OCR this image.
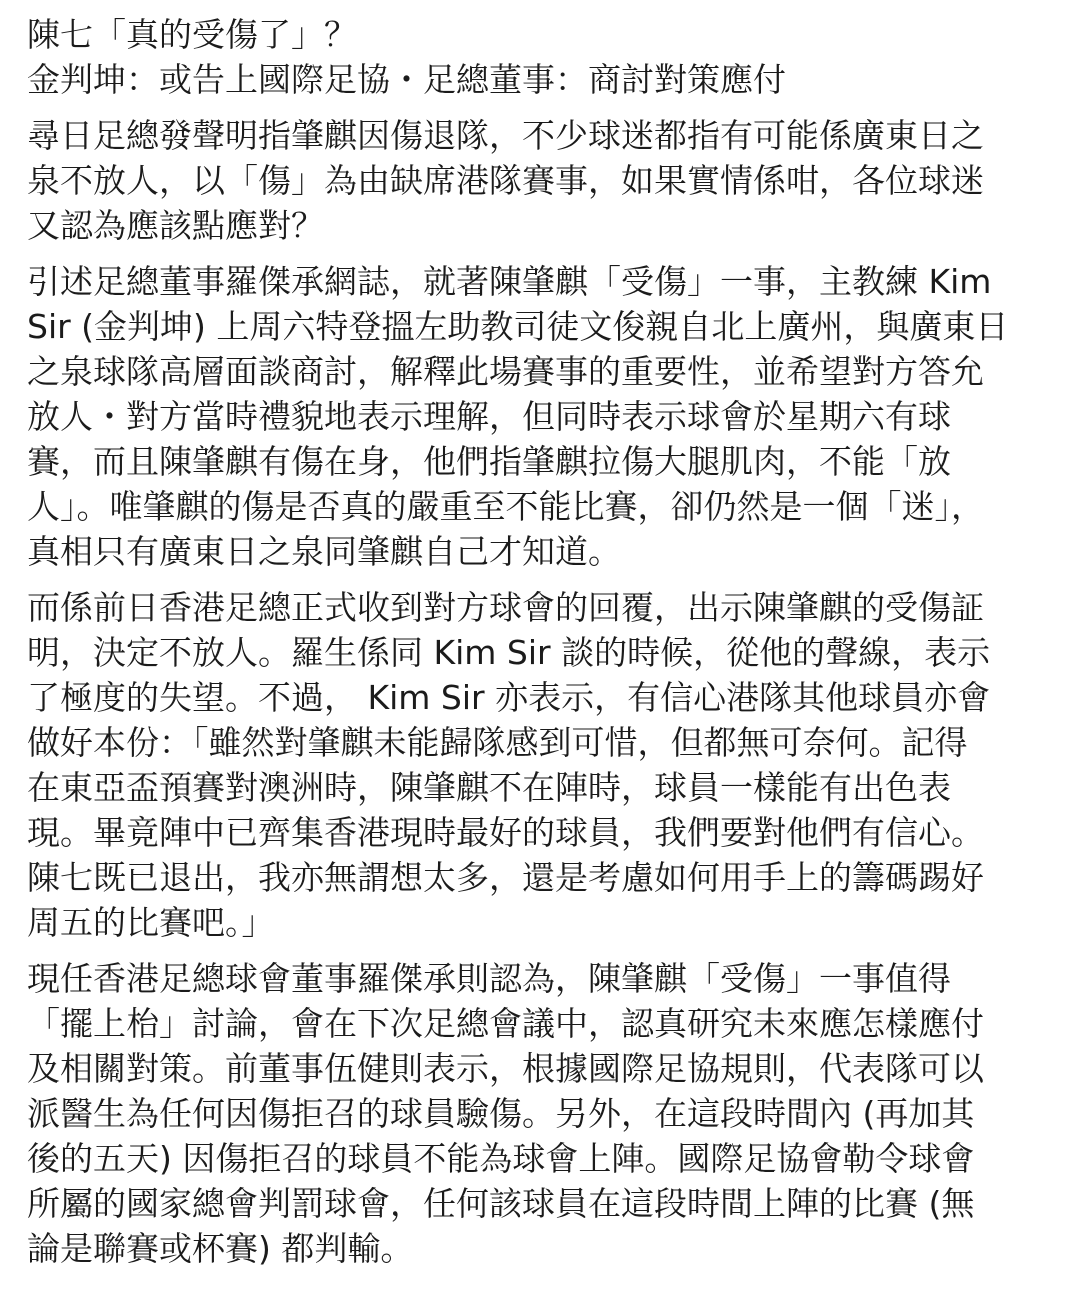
陳七「真的受傷了」？
金判坤：或告上國際足協・足總董事：商討對策應付
尋日足總發聲明指肇麒因傷退隊，不少球迷都指有可能係廣東日之
泉不放人，以「傷」為由缺席港隊賽事，如果實情係咁，各位球迷
又認為應該點應對？
引述足總董事羅傑承網誌，就著陳肇麒「受傷」一事，主教練 Kim
Sir (金判坤) 上周六特登搵左助教司徒文俊親自北上廣州，與廣東日
之泉球隊高層面談商討，解釋此場賽事的重要性，並希望對方答允
放人・對方當時禮貌地表示理解，但同時表示球會於星期六有球
賽，而且陳肇麒有傷在身，他們指肇麒拉傷大腿肌肉，不能「放
人」。唯肇麒的傷是否真的嚴重至不能比賽，卻仍然是一個「迷」，
真相只有廣東日之泉同肇麒自己才知道。
而係前日香港足總正式收到對方球會的回覆，出示陳肇麒的受傷証
明，決定不放人。羅生係同 Kim Sir 談的時候，從他的聲線，表示
了極度的失望。不過， Kim Sir 亦表示，有信心港隊其他球員亦會
做好本份：「雖然對肇麒未能歸隊感到可惜，但都無可奈何。記得
在東亞盃預賽對澳洲時，陳肇麒不在陣時，球員一樣能有出色表
現。畢竟陣中已齊集香港現時最好的球員，我們要對他們有信心。
陳七既已退出，我亦無謂想太多，還是考慮如何用手上的籌碼踢好
周五的比賽吧。」
現任香港足總球會董事羅傑承則認為，陳肇麒「受傷」一事值得
「擺上枱」討論，會在下次足總會議中，認真研究未來應怎樣應付
及相關對策。前董事伍健則表示，根據國際足協規則，代表隊可以
派醫生為任何因傷拒召的球員驗傷。另外，在這段時間內 (再加其
後的五天) 因傷拒召的球員不能為球會上陣。國際足協會勒令球會
所屬的國家總會判罰球會，任何該球員在這段時間上陣的比賽 (無
論是聯賽或杯賽) 都判輸。
